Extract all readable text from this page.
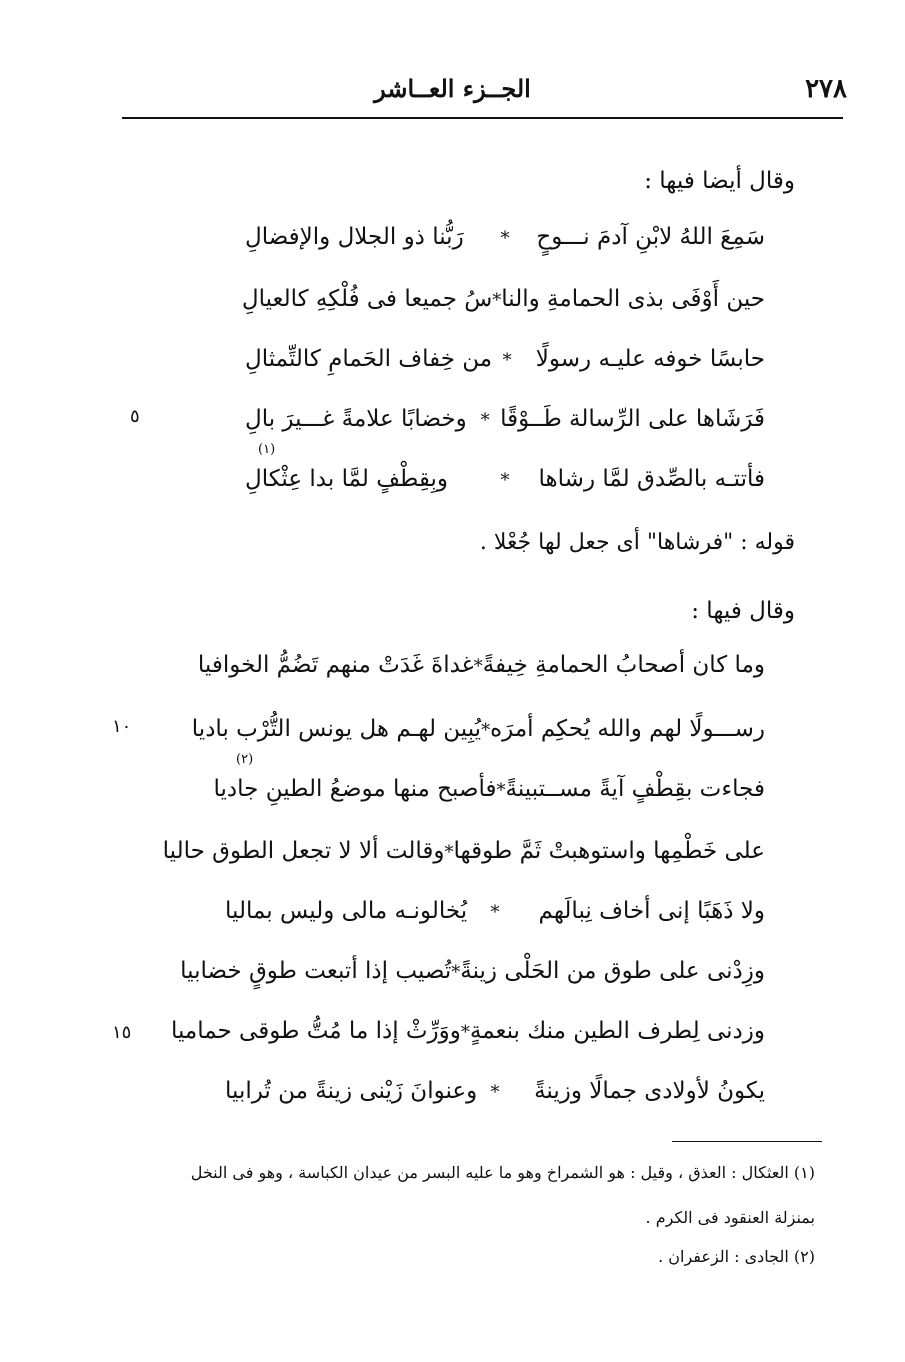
٢٧٨
الجــزء العــاشر
وقال أيضا فيها :
سَمِعَ اللهُ لابْنِ آدمَ نـــوحٍ
*
رَبُّنا ذو الجلال والإفضالِ
حين أَوْفَى بذى الحمامةِ والنا
*
سُ جميعا فى فُلْكِهِ كالعيالِ
حابسًا خوفه عليـه رسولًا
*
من خِفاف الحَمامِ كالتِّمثالِ
فَرَشَاها على الرِّسالة طَــوْقًا
*
وخضابًا علامةً غـــيرَ بالِ
(١)
فأتتـه بالصِّدق لمَّا رشاها
*
وبِقِطْفٍ لمَّا بدا عِثْكالِ
قوله : "فرشاها" أى جعل لها جُعْلا .
وقال فيها :
وما كان أصحابُ الحمامةِ خِيفةً
*
غداةَ غَدَتْ منهم تَضُمُّ الخوافيا
رســـولًا لهم والله يُحكِم أمرَه
*
يُبِين لهـم هل يونس التُّرْب باديا
(٢)
فجاءت بقِطْفٍ آيةً مســتبينةً
*
فأصبح منها موضعُ الطينِ جاديا
على خَطْمِها واستوهبتْ ثَمَّ طوقها
*
وقالت ألا لا تجعل الطوق حاليا
ولا ذَهَبًا إنى أخاف نِبالَهم
*
يُخالونـه مالى وليس بماليا
وزِدْنى على طوق من الحَلْى زينةً
*
تُصيب إذا أتبعت طوقٍ خضابيا
وزدنى لِطرف الطين منك بنعمةٍ
*
ووَرِّثْ إذا ما مُتُّ طوقى حماميا
يكونُ لأولادى جمالًا وزينةً
*
وعنوانَ زَيْنى زينةً من تُرابيا
٥
١٠
١٥
(١) العثكال : العذق ، وقيل : هو الشمراخ وهو ما عليه البسر من عيدان الكباسة ، وهو فى النخل
بمنزلة العنقود فى الكرم .
(٢) الجادى : الزعفران .
